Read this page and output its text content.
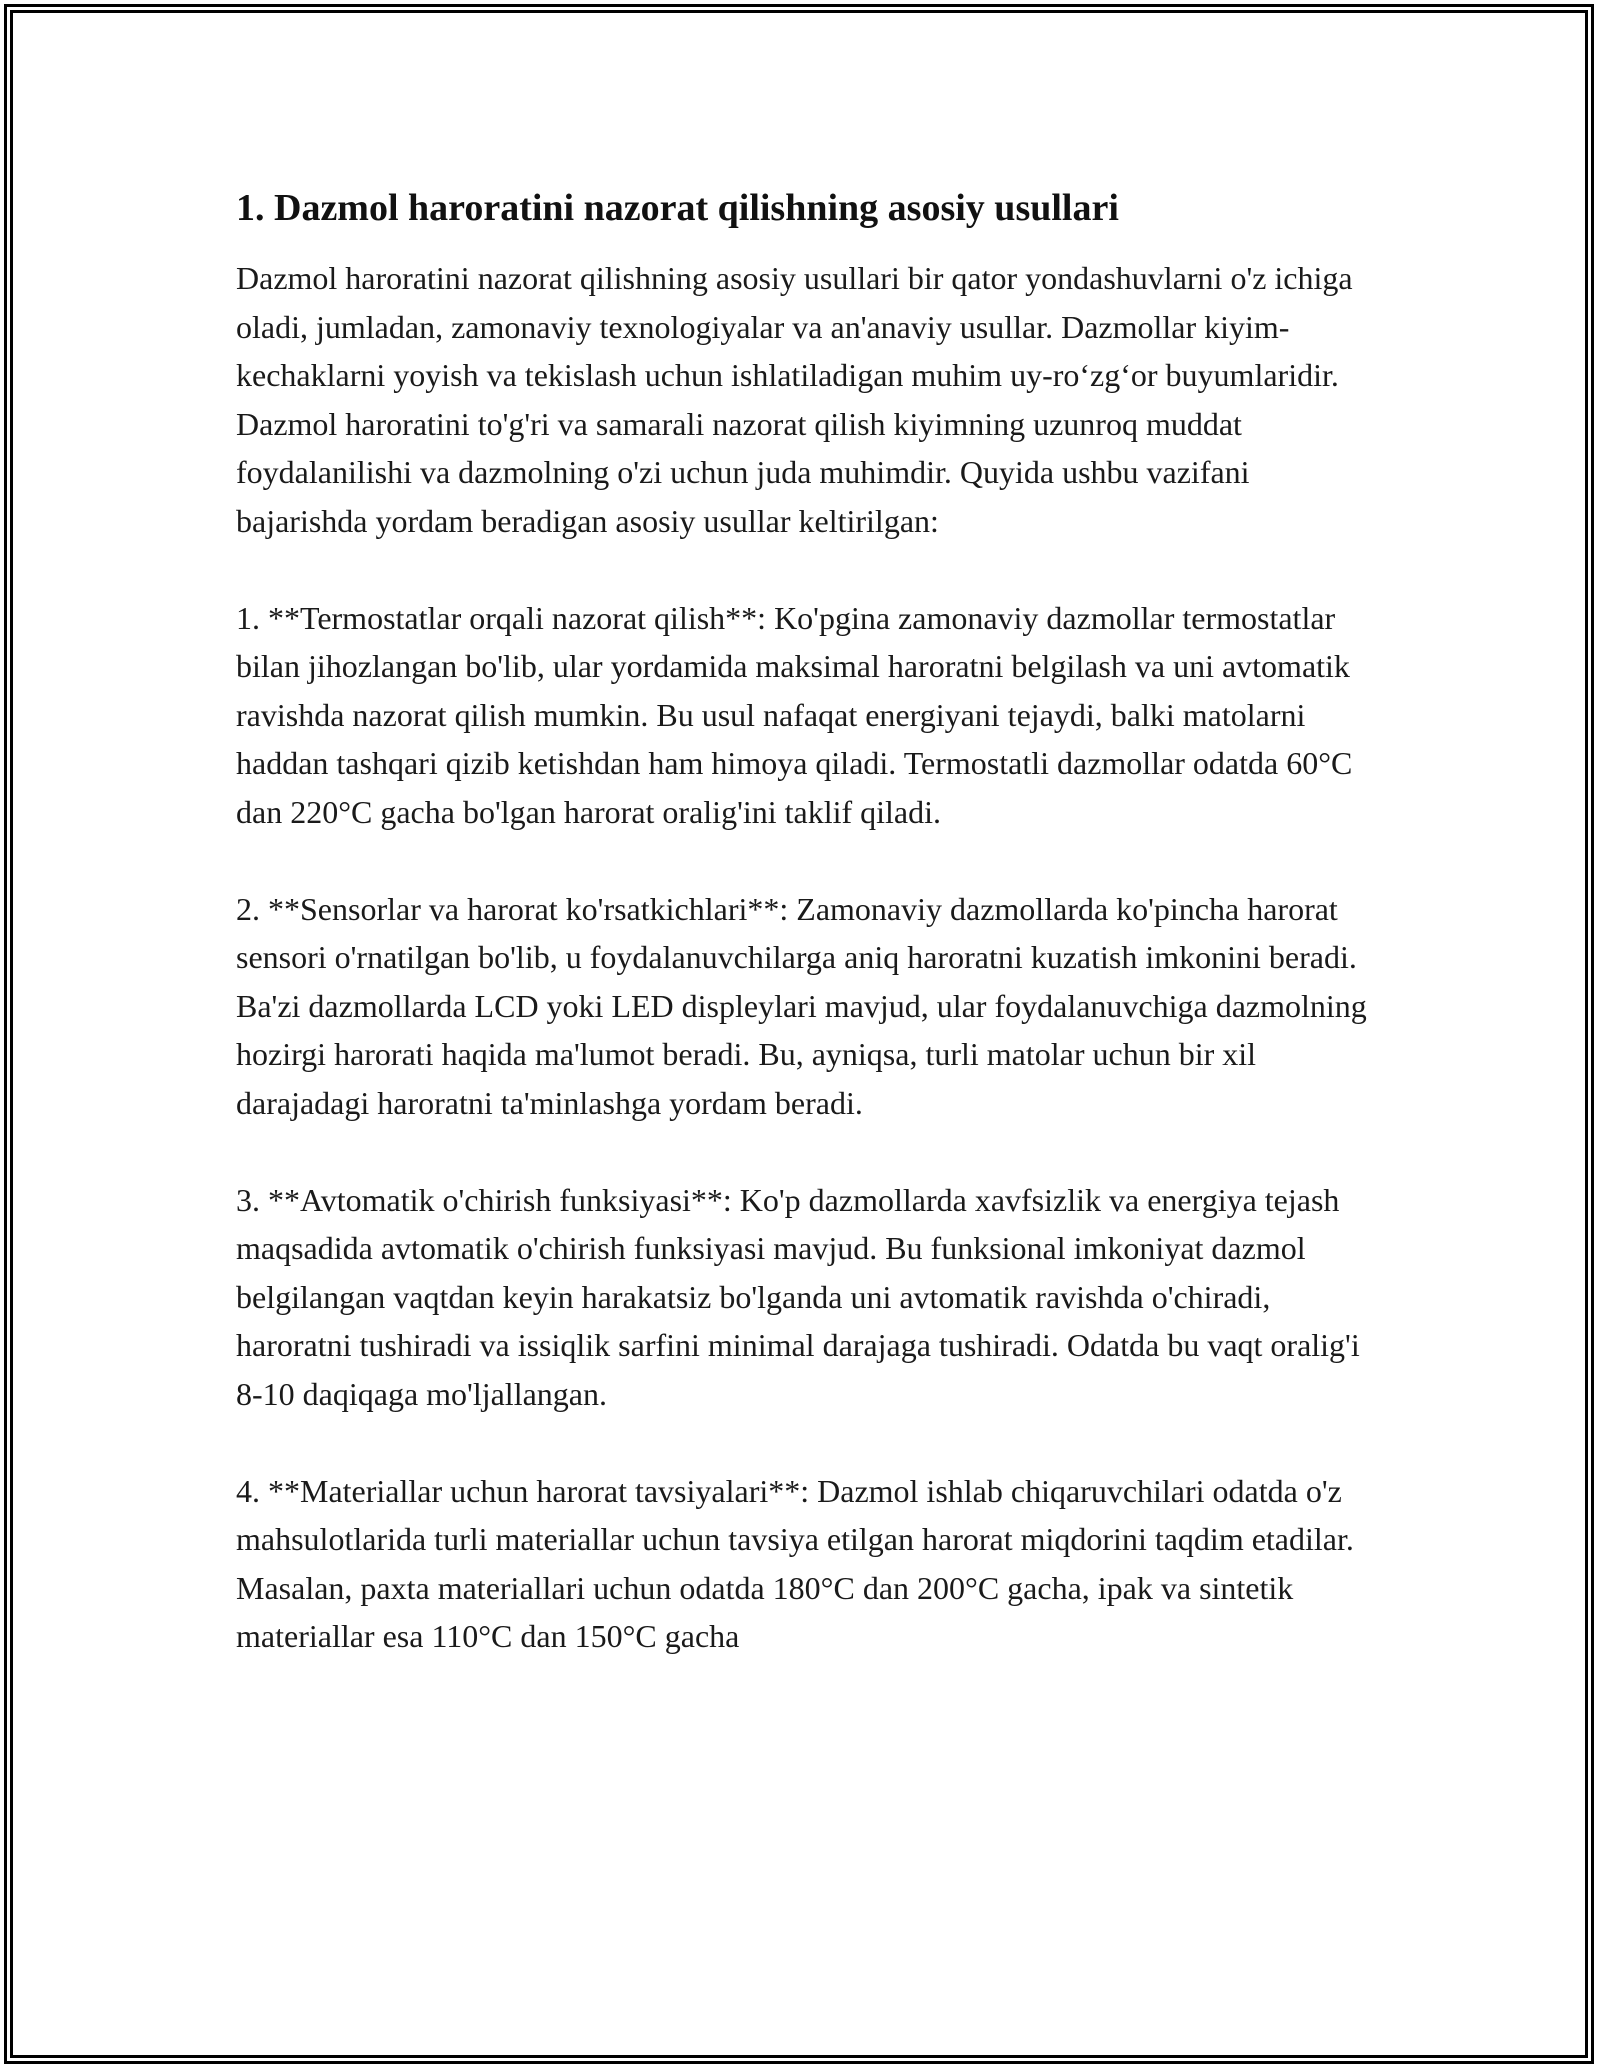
1. Dazmol haroratini nazorat qilishning asosiy usullari

Dazmol haroratini nazorat qilishning asosiy usullari bir qator yondashuvlarni o'z ichiga oladi, jumladan, zamonaviy texnologiyalar va an'anaviy usullar. Dazmollar kiyim-kechaklarni yoyish va tekislash uchun ishlatiladigan muhim uy-ro‘zg‘or buyumlaridir. Dazmol haroratini to'g'ri va samarali nazorat qilish kiyimning uzunroq muddat foydalanilishi va dazmolning o'zi uchun juda muhimdir. Quyida ushbu vazifani bajarishda yordam beradigan asosiy usullar keltirilgan:

1. **Termostatlar orqali nazorat qilish**: Ko'pgina zamonaviy dazmollar termostatlar bilan jihozlangan bo'lib, ular yordamida maksimal haroratni belgilash va uni avtomatik ravishda nazorat qilish mumkin. Bu usul nafaqat energiyani tejaydi, balki matolarni haddan tashqari qizib ketishdan ham himoya qiladi. Termostatli dazmollar odatda 60°C dan 220°C gacha bo'lgan harorat oralig'ini taklif qiladi.

2. **Sensorlar va harorat ko'rsatkichlari**: Zamonaviy dazmollarda ko'pincha harorat sensori o'rnatilgan bo'lib, u foydalanuvchilarga aniq haroratni kuzatish imkonini beradi. Ba'zi dazmollarda LCD yoki LED displeylari mavjud, ular foydalanuvchiga dazmolning hozirgi harorati haqida ma'lumot beradi. Bu, ayniqsa, turli matolar uchun bir xil darajadagi haroratni ta'minlashga yordam beradi.

3. **Avtomatik o'chirish funksiyasi**: Ko'p dazmollarda xavfsizlik va energiya tejash maqsadida avtomatik o'chirish funksiyasi mavjud. Bu funksional imkoniyat dazmol belgilangan vaqtdan keyin harakatsiz bo'lganda uni avtomatik ravishda o'chiradi, haroratni tushiradi va issiqlik sarfini minimal darajaga tushiradi. Odatda bu vaqt oralig'i 8-10 daqiqaga mo'ljallangan.

4. **Materiallar uchun harorat tavsiyalari**: Dazmol ishlab chiqaruvchilari odatda o'z mahsulotlarida turli materiallar uchun tavsiya etilgan harorat miqdorini taqdim etadilar. Masalan, paxta materiallari uchun odatda 180°C dan 200°C gacha, ipak va sintetik materiallar esa 110°C dan 150°C gacha
